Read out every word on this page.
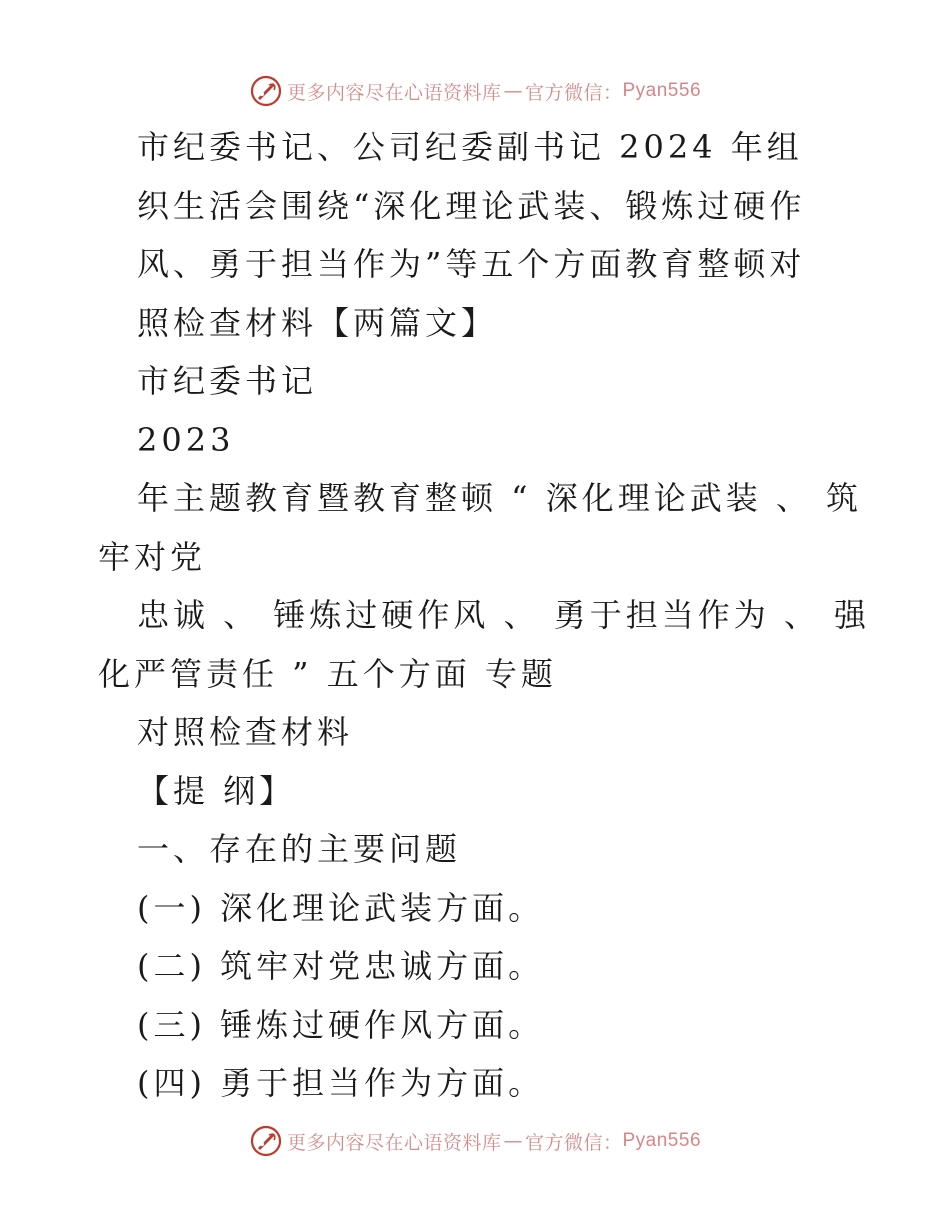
更多内容尽在心语资料库 — 官方微信： Pyan556
市纪委书记、公司纪委副书记 2024 年组
织生活会围绕“深化理论武装、锻炼过硬作
风、勇于担当作为”等五个方面教育整顿对
照检查材料【两篇文】
市纪委书记
2023
年主题教育暨教育整顿 “ 深化理论武装 、 筑
牢对党
忠诚 、 锤炼过硬作风 、 勇于担当作为 、 强
化严管责任 ” 五个方面 专题
对照检查材料
【提 纲】
一、存在的主要问题
(一) 深化理论武装方面。
(二) 筑牢对党忠诚方面。
(三) 锤炼过硬作风方面。
(四) 勇于担当作为方面。
更多内容尽在心语资料库 — 官方微信： Pyan556
